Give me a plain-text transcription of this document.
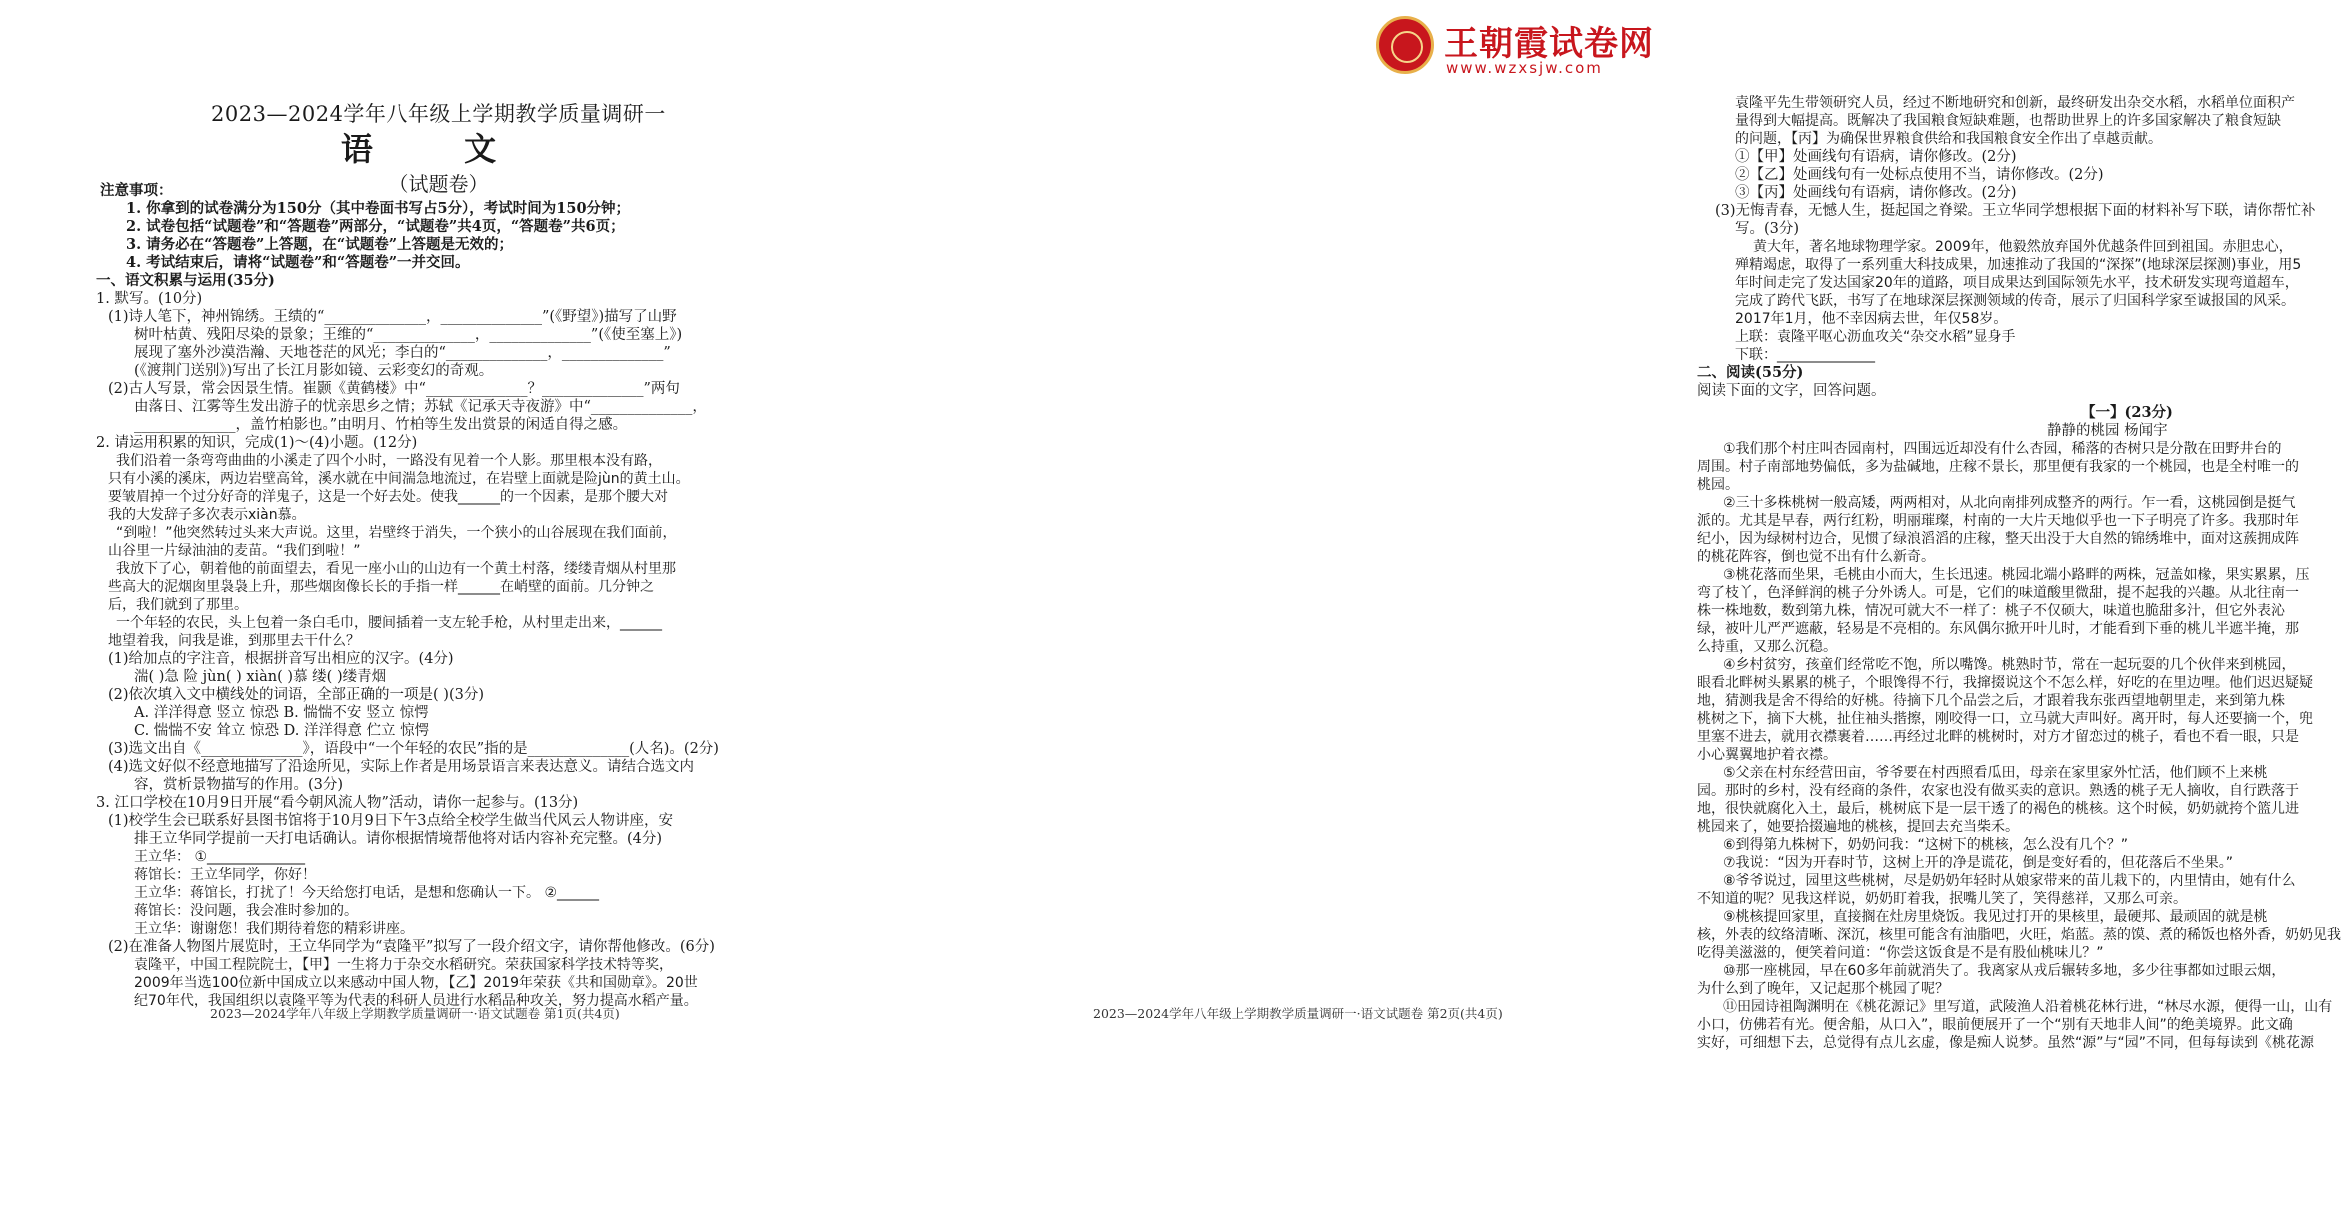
王朝霞试卷网
www.wzxsjw.com
2023—2024学年八年级上学期教学质量调研一
语 文
（试题卷）
注意事项：
1. 你拿到的试卷满分为150分（其中卷面书写占5分），考试时间为150分钟；
2. 试卷包括“试题卷”和“答题卷”两部分，“试题卷”共4页，“答题卷”共6页；
3. 请务必在“答题卷”上答题，在“试题卷”上答题是无效的；
4. 考试结束后，请将“试题卷”和“答题卷”一并交回。
一、语文积累与运用(35分)
1. 默写。(10分)
(1)诗人笔下，神州锦绣。王绩的“______________，______________”(《野望》)描写了山野
树叶枯黄、残阳尽染的景象；王维的“______________，______________”(《使至塞上》)
展现了塞外沙漠浩瀚、天地苍茫的风光；李白的“______________，______________”
(《渡荆门送别》)写出了长江月影如镜、云彩变幻的奇观。
(2)古人写景，常会因景生情。崔颢《黄鹤楼》中“______________？______________”两句
由落日、江雾等生发出游子的忧亲思乡之情；苏轼《记承天寺夜游》中“______________，
______________，盖竹柏影也。”由明月、竹柏等生发出赏景的闲适自得之感。
2. 请运用积累的知识，完成(1)～(4)小题。(12分)
我们沿着一条弯弯曲曲的小溪走了四个小时，一路没有见着一个人影。那里根本没有路，
只有小溪的溪床，两边岩壁高耸，溪水就在中间湍急地流过，在岩壁上面就是险jùn的黄土山。
要皱眉掉一个过分好奇的洋鬼子，这是一个好去处。使我______的一个因素，是那个腰大对
我的大发辞子多次表示xiàn慕。
“到啦！”他突然转过头来大声说。这里，岩壁终于消失，一个狭小的山谷展现在我们面前，
山谷里一片绿油油的麦苗。“我们到啦！”
我放下了心，朝着他的前面望去，看见一座小山的山边有一个黄土村落，缕缕青烟从村里那
些高大的泥烟囱里袅袅上升，那些烟囱像长长的手指一样______在峭壁的面前。几分钟之
后，我们就到了那里。
一个年轻的农民，头上包着一条白毛巾，腰间插着一支左轮手枪，从村里走出来，______
地望着我，问我是谁，到那里去干什么？
(1)给加点的字注音，根据拼音写出相应的汉字。(4分)
湍( )急 险 jùn( ) xiàn( )慕 缕( )缕青烟
(2)依次填入文中横线处的词语，全部正确的一项是( )(3分)
A. 洋洋得意 竖立 惊恐 B. 惴惴不安 竖立 惊愕
C. 惴惴不安 耸立 惊恐 D. 洋洋得意 伫立 惊愕
(3)选文出自《______________》，语段中“一个年轻的农民”指的是______________(人名)。(2分)
(4)选文好似不经意地描写了沿途所见，实际上作者是用场景语言来表达意义。请结合选文内
容，赏析景物描写的作用。(3分)
3. 江口学校在10月9日开展“看今朝风流人物”活动，请你一起参与。(13分)
(1)校学生会已联系好县图书馆将于10月9日下午3点给全校学生做当代风云人物讲座，安
排王立华同学提前一天打电话确认。请你根据情境帮他将对话内容补充完整。(4分)
王立华： ①______________
蒋馆长：王立华同学，你好！
王立华：蒋馆长，打扰了！今天给您打电话，是想和您确认一下。 ②______
蒋馆长：没问题，我会准时参加的。
王立华：谢谢您！我们期待着您的精彩讲座。
(2)在准备人物图片展览时，王立华同学为“袁隆平”拟写了一段介绍文字，请你帮他修改。(6分)
袁隆平，中国工程院院士，【甲】一生将力于杂交水稻研究。荣获国家科学技术特等奖，
2009年当选100位新中国成立以来感动中国人物，【乙】2019年荣获《共和国勋章》。20世
纪70年代，我国组织以袁隆平等为代表的科研人员进行水稻品种攻关，努力提高水稻产量。
2023—2024学年八年级上学期教学质量调研一·语文试题卷 第1页(共4页)
袁隆平先生带领研究人员，经过不断地研究和创新，最终研发出杂交水稻，水稻单位面积产
量得到大幅提高。既解决了我国粮食短缺难题，也帮助世界上的许多国家解决了粮食短缺
的问题，【丙】为确保世界粮食供给和我国粮食安全作出了卓越贡献。
①【甲】处画线句有语病，请你修改。(2分)
②【乙】处画线句有一处标点使用不当，请你修改。(2分)
③【丙】处画线句有语病，请你修改。(2分)
(3)无悔青春，无憾人生，挺起国之脊梁。王立华同学想根据下面的材料补写下联，请你帮忙补
写。(3分)
黄大年，著名地球物理学家。2009年，他毅然放弃国外优越条件回到祖国。赤胆忠心，
殚精竭虑，取得了一系列重大科技成果，加速推动了我国的“深探”(地球深层探测)事业，用5
年时间走完了发达国家20年的道路，项目成果达到国际领先水平，技术研发实现弯道超车，
完成了跨代飞跃，书写了在地球深层探测领域的传奇，展示了归国科学家至诚报国的风采。
2017年1月，他不幸因病去世，年仅58岁。
上联：袁隆平呕心沥血攻关“杂交水稻”显身手
下联：______________
二、阅读(55分)
阅读下面的文字，回答问题。
【一】(23分)
静静的桃园 杨闻宇
①我们那个村庄叫杏园南村，四围远近却没有什么杏园，稀落的杏树只是分散在田野井台的
周围。村子南部地势偏低，多为盐碱地，庄稼不景长，那里便有我家的一个桃园，也是全村唯一的
桃园。
②三十多株桃树一般高矮，两两相对，从北向南排列成整齐的两行。乍一看，这桃园倒是挺气
派的。尤其是早春，两行红粉，明丽璀璨，村南的一大片天地似乎也一下子明亮了许多。我那时年
纪小，因为绿树村边合，见惯了绿浪滔滔的庄稼，整天出没于大自然的锦绣堆中，面对这蔟拥成阵
的桃花阵容，倒也觉不出有什么新奇。
③桃花落而坐果，毛桃由小而大，生长迅速。桃园北端小路畔的两株，冠盖如椽，果实累累，压
弯了枝丫，色泽鲜润的桃子分外诱人。可是，它们的味道酸里微甜，提不起我的兴趣。从北往南一
株一株地数，数到第九株，情况可就大不一样了：桃子不仅硕大，味道也脆甜多汁，但它外表沁
绿，被叶儿严严遮蔽，轻易是不亮相的。东风偶尔掀开叶儿时，才能看到下垂的桃儿半遮半掩，那
么持重，又那么沉稳。
④乡村贫穷，孩童们经常吃不饱，所以嘴馋。桃熟时节，常在一起玩耍的几个伙伴来到桃园，
眼看北畔树头累累的桃子，个眼馋得不行，我撺掇说这个不怎么样，好吃的在里边哩。他们迟迟疑疑
地，猜测我是舍不得给的好桃。待摘下几个品尝之后，才跟着我东张西望地朝里走，来到第九株
桃树之下，摘下大桃，扯住袖头揩擦，刚咬得一口，立马就大声叫好。离开时，每人还要摘一个，兜
里塞不进去，就用衣襟裹着……再经过北畔的桃树时，对方才留恋过的桃子，看也不看一眼，只是
小心翼翼地护着衣襟。
⑤父亲在村东经营田亩，爷爷要在村西照看瓜田，母亲在家里家外忙活，他们顾不上来桃
园。那时的乡村，没有经商的条件，农家也没有做买卖的意识。熟透的桃子无人摘收，自行跌落于
地，很快就腐化入土，最后，桃树底下是一层干透了的褐色的桃核。这个时候，奶奶就挎个篮儿进
桃园来了，她要拾掇遍地的桃核，提回去充当柴禾。
⑥到得第九株树下，奶奶问我：“这树下的桃核，怎么没有几个？”
⑦我说：“因为开春时节，这树上开的净是谎花，倒是变好看的，但花落后不坐果。”
⑧爷爷说过，园里这些桃树，尽是奶奶年轻时从娘家带来的苗儿栽下的，内里情由，她有什么
不知道的呢？见我这样说，奶奶盯着我，抿嘴儿笑了，笑得慈祥，又那么可亲。
⑨桃核提回家里，直接搁在灶房里烧饭。我见过打开的果核里，最硬邦、最顽固的就是桃
核，外表的纹络清晰、深沉，核里可能含有油脂吧，火旺，焰蓝。蒸的馍、煮的稀饭也格外香，奶奶见我
吃得美滋滋的，便笑着问道：“你尝这饭食是不是有股仙桃味儿？”
⑩那一座桃园，早在60多年前就消失了。我离家从戎后辗转多地，多少往事都如过眼云烟，
为什么到了晚年，又记起那个桃园了呢？
⑪田园诗祖陶渊明在《桃花源记》里写道，武陵渔人沿着桃花林行进，“林尽水源，便得一山，山有
小口，仿佛若有光。便舍船，从口入”，眼前便展开了一个“别有天地非人间”的绝美境界。此文确
实好，可细想下去，总觉得有点儿玄虚，像是痴人说梦。虽然“源”与“园”不同，但每每读到《桃花源
2023—2024学年八年级上学期教学质量调研一·语文试题卷 第2页(共4页)
